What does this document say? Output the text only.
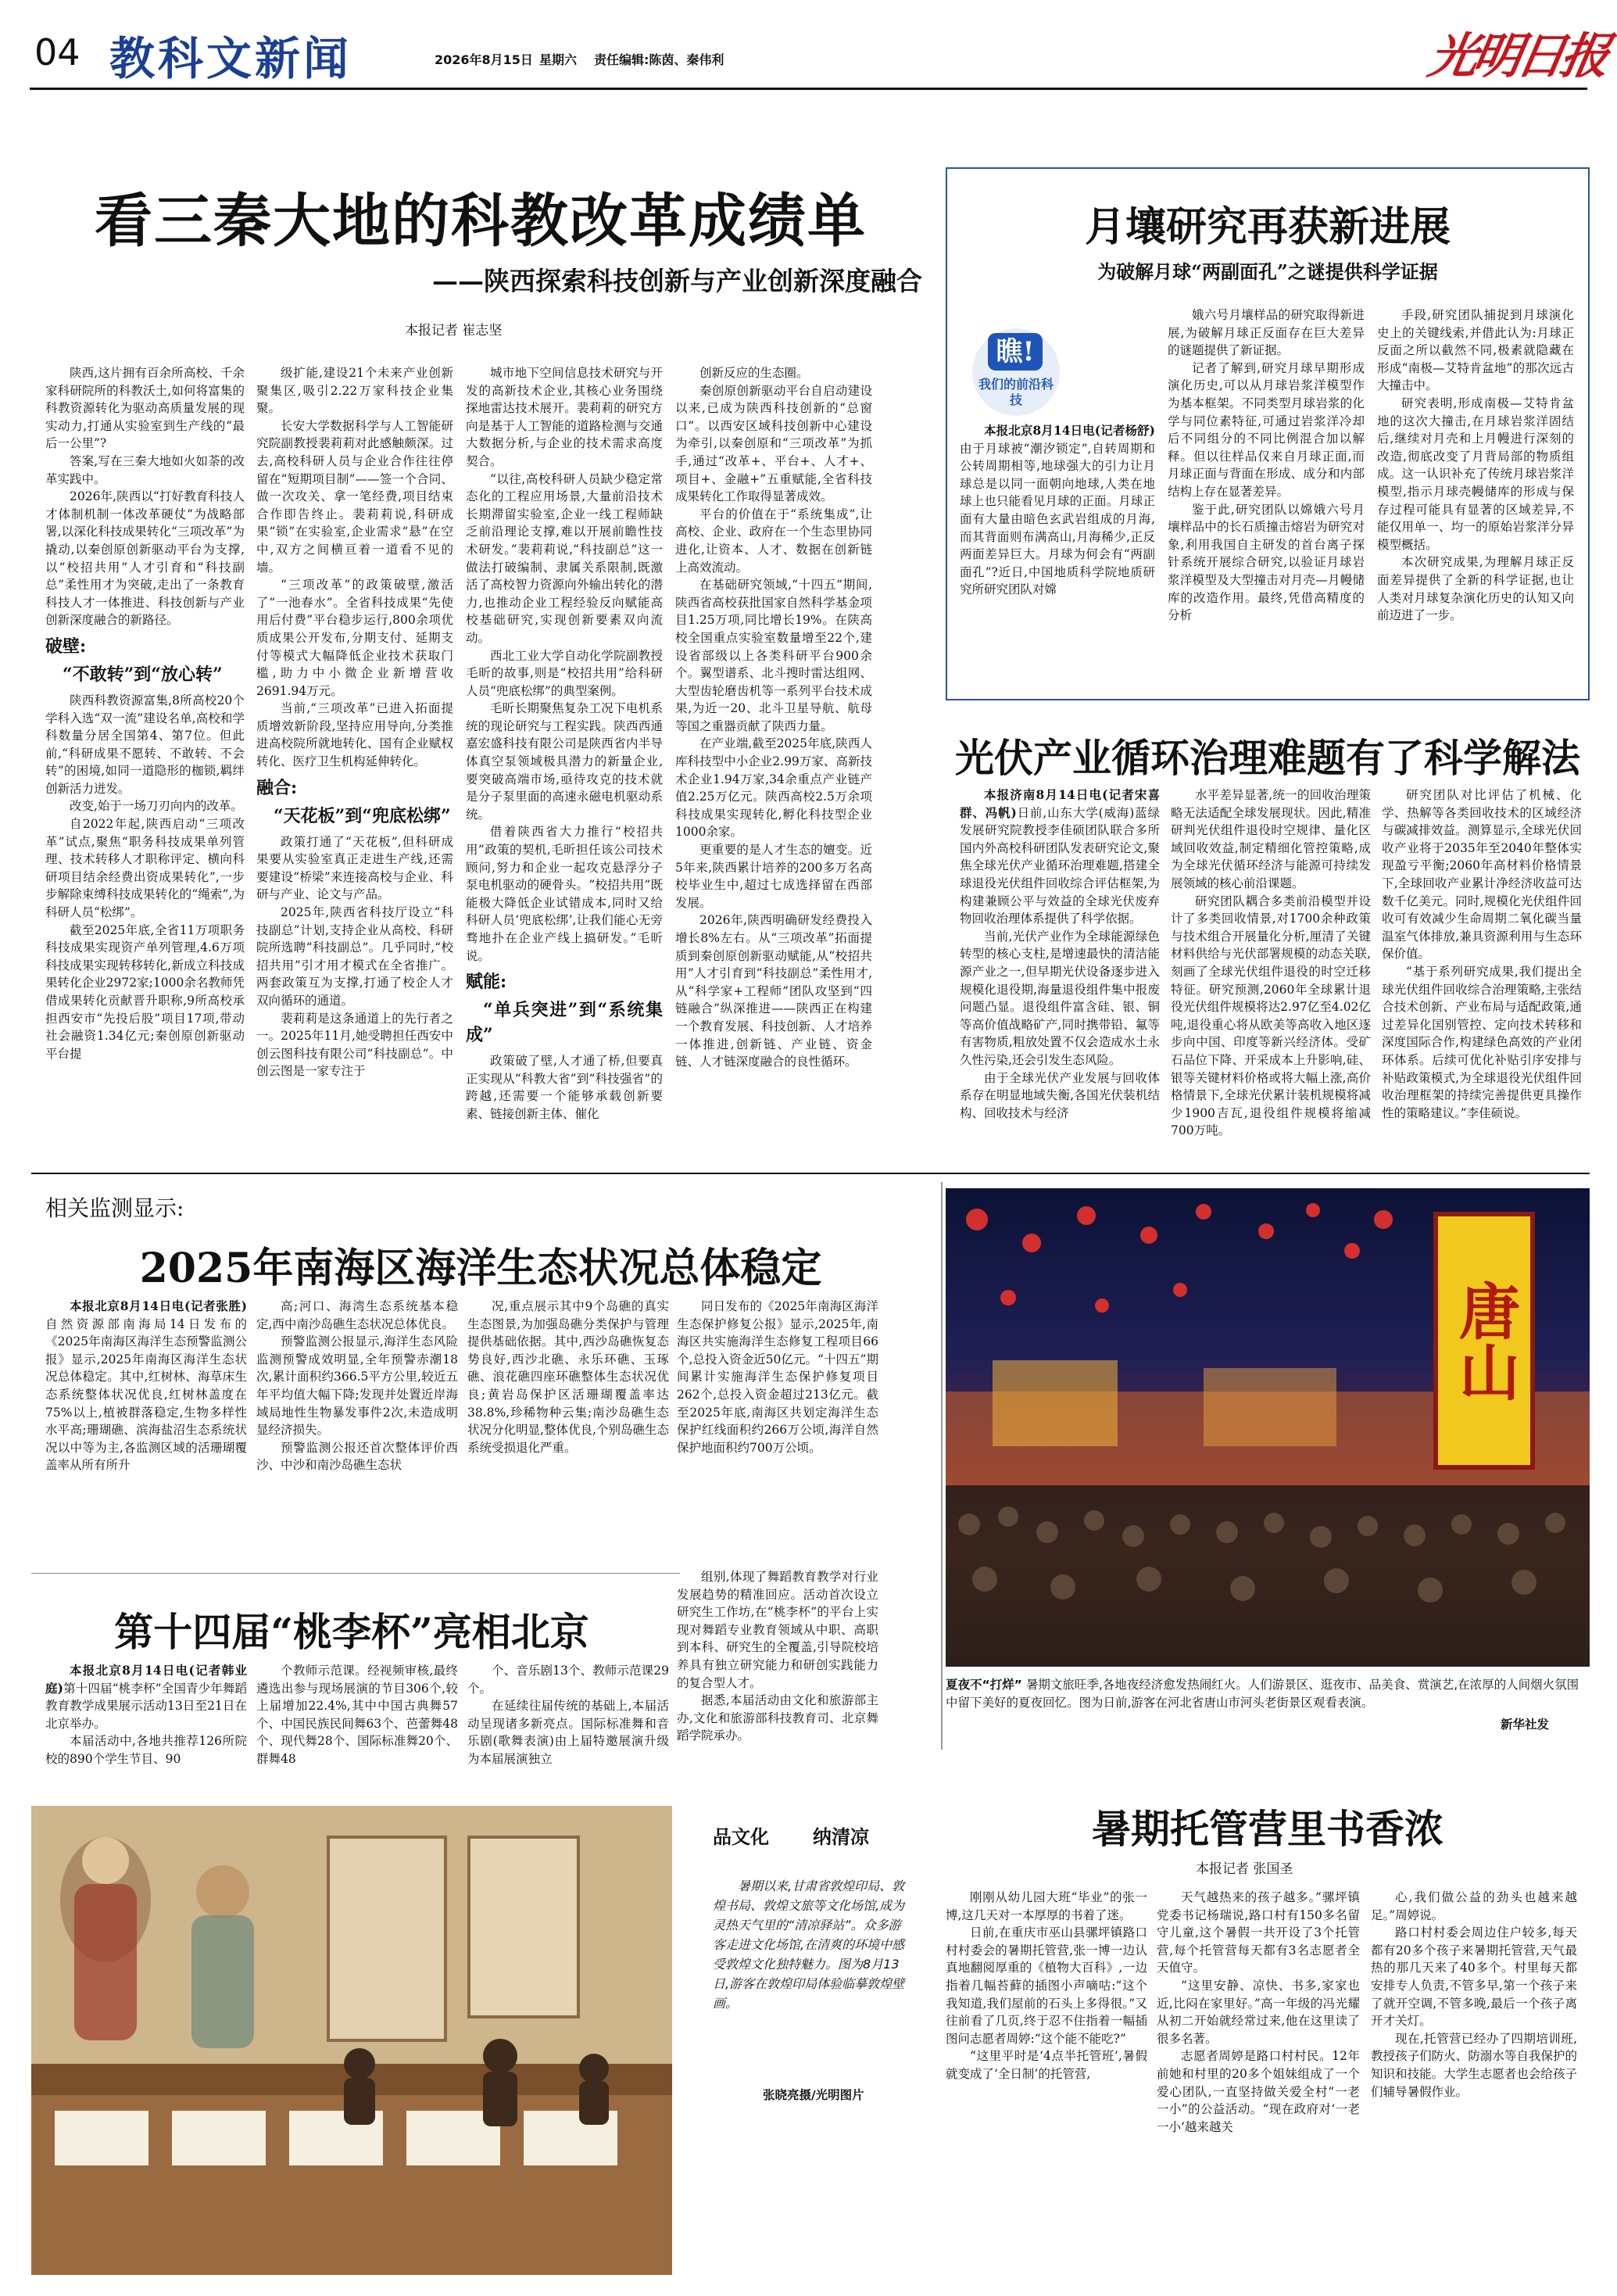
04 教科文新闻	2026年8月15日 星期六 责任编辑:陈茵、秦伟利	光明日报
看三秦大地的科教改革成绩单
——陕西探索科技创新与产业创新深度融合
本报记者 崔志坚

陕西,这片拥有百余所高校、千余家科研院所的科教沃土,如何将富集的科教资源转化为驱动高质量发展的现实动力,打通从实验室到生产线的“最后一公里”?

答案,写在三秦大地如火如荼的改革实践中。

2026年,陕西以“打好教育科技人才体制机制一体改革硬仗”为战略部署,以深化科技成果转化“三项改革”为撬动,以秦创原创新驱动平台为支撑,以“校招共用”人才引育和“科技副总”柔性用才为突破,走出了一条教育科技人才一体推进、科技创新与产业创新深度融合的新路径。

破壁:

“不敢转”到“放心转”

陕西科教资源富集,8所高校20个学科入选“双一流”建设名单,高校和学科数量分居全国第4、第7位。但此前,“科研成果不愿转、不敢转、不会转”的困境,如同一道隐形的枷锁,羁绊创新活力迸发。

改变,始于一场刀刃向内的改革。

自2022年起,陕西启动“三项改革”试点,聚焦“职务科技成果单列管理、技术转移人才职称评定、横向科研项目结余经费出资成果转化”,一步步解除束缚科技成果转化的“绳索”,为科研人员“松绑”。

截至2025年底,全省11万项职务科技成果实现资产单列管理,4.6万项科技成果实现转移转化,新成立科技成果转化企业2972家;1000余名教师凭借成果转化贡献晋升职称,9所高校承担西安市“先投后股”项目17项,带动社会融资1.34亿元;秦创原创新驱动平台提

级扩能,建设21个未来产业创新聚集区,吸引2.22万家科技企业集聚。

长安大学数据科学与人工智能研究院副教授裴莉莉对此感触颇深。过去,高校科研人员与企业合作往往停留在“短期项目制”——签一个合同、做一次攻关、拿一笔经费,项目结束合作即告终止。裴莉莉说,科研成果“锁”在实验室,企业需求“悬”在空中,双方之间横亘着一道看不见的墙。

“三项改革”的政策破壁,激活了“一池春水”。全省科技成果“先使用后付费”平台稳步运行,800余项优质成果公开发布,分期支付、延期支付等模式大幅降低企业技术获取门槛,助力中小微企业新增营收2691.94万元。

当前,“三项改革”已进入拓面提质增效新阶段,坚持应用导向,分类推进高校院所就地转化、国有企业赋权转化、医疗卫生机构延伸转化。

融合:

“天花板”到“兜底松绑”

政策打通了“天花板”,但科研成果要从实验室真正走进生产线,还需要建设“桥梁”来连接高校与企业、科研与产业、论文与产品。

2025年,陕西省科技厅设立“科技副总”计划,支持企业从高校、科研院所选聘“科技副总”。几乎同时,“校招共用”引才用才模式在全省推广。两套政策互为支撑,打通了校企人才双向循环的通道。

裴莉莉是这条通道上的先行者之一。2025年11月,她受聘担任西安中创云图科技有限公司“科技副总”。中创云图是一家专注于

城市地下空间信息技术研究与开发的高新技术企业,其核心业务围绕探地雷达技术展开。裴莉莉的研究方向是基于人工智能的道路检测与交通大数据分析,与企业的技术需求高度契合。

“以往,高校科研人员缺少稳定常态化的工程应用场景,大量前沿技术长期滞留实验室,企业一线工程师缺乏前沿理论支撑,难以开展前瞻性技术研发。”裴莉莉说,“科技副总”这一做法打破编制、隶属关系限制,既激活了高校智力资源向外输出转化的潜力,也推动企业工程经验反向赋能高校基础研究,实现创新要素双向流动。

西北工业大学自动化学院副教授毛昕的故事,则是“校招共用”给科研人员“兜底松绑”的典型案例。

毛昕长期聚焦复杂工况下电机系统的现论研究与工程实践。陕西西通嘉宏盛科技有限公司是陕西省内半导体真空泵领域极具潜力的新量企业,要突破高端市场,亟待攻克的技术就是分子泵里面的高速永磁电机驱动系统。

借着陕西省大力推行“校招共用”政策的契机,毛昕担任该公司技术顾问,努力和企业一起攻克悬浮分子泵电机驱动的硬骨头。“校招共用”既能极大降低企业试错成本,同时又给科研人员‘兜底松绑’,让我们能心无旁骛地扑在企业产线上搞研发。”毛昕说。

赋能:

“单兵突进”到“系统集成”

政策破了壁,人才通了桥,但要真正实现从“科教大省”到“科技强省”的跨越,还需要一个能够承载创新要素、链接创新主体、催化

创新反应的生态圈。

秦创原创新驱动平台自启动建设以来,已成为陕西科技创新的“总窗口”。以西安区域科技创新中心建设为牵引,以秦创原和“三项改革”为抓手,通过“改革+、平台+、人才+、项目+、金融+”五重赋能,全省科技成果转化工作取得显著成效。

平台的价值在于“系统集成”,让高校、企业、政府在一个生态里协同进化,让资本、人才、数据在创新链上高效流动。

在基础研究领域,“十四五”期间,陕西省高校获批国家自然科学基金项目1.25万项,同比增长19%。在陕高校全国重点实验室数量增至22个,建设省部级以上各类科研平台900余个。翼型谱系、北斗搜时雷达组网、大型齿轮磨齿机等一系列平台技术成果,为近一20、北斗卫星导航、航母等国之重器贡献了陕西力量。

在产业端,截至2025年底,陕西人库科技型中小企业2.99万家、高新技术企业1.94万家,34余重点产业链产值2.25万亿元。陕西高校2.5万余项科技成果实现转化,孵化科技型企业1000余家。

更重要的是人才生态的嬗变。近5年来,陕西累计培养的200多万名高校毕业生中,超过七成选择留在西部发展。

2026年,陕西明确研发经费投入增长8%左右。从“三项改革”拓面提质到秦创原创新驱动赋能,从“校招共用”人才引育到“科技副总”柔性用才,从“科学家+工程师”团队攻坚到“四链融合”纵深推进——陕西正在构建一个教育发展、科技创新、人才培养一体推进,创新链、产业链、资金链、人才链深度融合的良性循环。

月壤研究再获新进展
为破解月球“两副面孔”之谜提供科学证据
瞧!
我们的前沿科技

本报北京8月14日电(记者杨舒)由于月球被“潮汐锁定”,自转周期和公转周期相等,地球强大的引力让月球总是以同一面朝向地球,人类在地球上也只能看见月球的正面。月球正面有大量由暗色玄武岩组成的月海,而其背面则布满高山,月海稀少,正反两面差异巨大。月球为何会有“两副面孔”?近日,中国地质科学院地质研究所研究团队对嫦

娥六号月壤样品的研究取得新进展,为破解月球正反面存在巨大差异的谜题提供了新证据。

记者了解到,研究月球早期形成演化历史,可以从月球岩浆洋模型作为基本框架。不同类型月球岩浆的化学与同位素特征,可通过岩浆洋冷却后不同组分的不同比例混合加以解释。但以往样品仅来自月球正面,而月球正面与背面在形成、成分和内部结构上存在显著差异。

鉴于此,研究团队以嫦娥六号月壤样品中的长石质撞击熔岩为研究对象,利用我国自主研发的首台离子探针系统开展综合研究,以验证月球岩浆洋模型及大型撞击对月壳—月幔储库的改造作用。最终,凭借高精度的分析

手段,研究团队捕捉到月球演化史上的关键线索,并借此认为:月球正反面之所以截然不同,极素就隐藏在形成“南极—艾特肯盆地”的那次远古大撞击中。

研究表明,形成南极—艾特肯盆地的这次大撞击,在月球岩浆洋固结后,继续对月壳和上月幔进行深刻的改造,彻底改变了月背局部的物质组成。这一认识补充了传统月球岩浆洋模型,指示月球壳幔储库的形成与保存过程可能具有显著的区域差异,不能仅用单一、均一的原始岩浆洋分异模型概括。

本次研究成果,为理解月球正反面差异提供了全新的科学证据,也让人类对月球复杂演化历史的认知又向前迈进了一步。

光伏产业循环治理难题有了科学解法

本报济南8月14日电(记者宋喜群、冯帆)日前,山东大学(威海)蓝绿发展研究院教授李佳硕团队联合多所国内外高校科研团队发表研究论文,聚焦全球光伏产业循环治理难题,搭建全球退役光伏组件回收综合评估框架,为构建兼顾公平与效益的全球光伏废弃物回收治理体系提供了科学依据。

当前,光伏产业作为全球能源绿色转型的核心支柱,是增速最快的清洁能源产业之一,但早期光伏设备逐步进入规模化退役期,海量退役组件集中报废问题凸显。退役组件富含硅、银、铜等高价值战略矿产,同时携带铅、氟等有害物质,粗放处置不仅会造成水土永久性污染,还会引发生态风险。

由于全球光伏产业发展与回收体系存在明显地域失衡,各国光伏装机结构、回收技术与经济

水平差异显著,统一的回收治理策略无法适配全球发展现状。因此,精准研判光伏组件退役时空规律、量化区域回收效益,制定精细化管控策略,成为全球光伏循环经济与能源可持续发展领域的核心前沿课题。

研究团队耦合多类前沿模型并设计了多类回收情景,对1700余种政策与技术组合开展量化分析,厘清了关键材料供给与光伏部署规模的动态关联,刻画了全球光伏组件退役的时空迁移特征。研究预测,2060年全球累计退役光伏组件规模将达2.97亿至4.02亿吨,退役重心将从欧美等高收入地区逐步向中国、印度等新兴经济体。受矿石品位下降、开采成本上升影响,硅、银等关键材料价格或将大幅上涨,高价格情景下,全球光伏累计装机规模将减少1900吉瓦,退役组件规模将缩减700万吨。

研究团队对比评估了机械、化学、热解等各类回收技术的区域经济与碳减排效益。测算显示,全球光伏回收产业将于2035年至2040年整体实现盈亏平衡;2060年高材料价格情景下,全球回收产业累计净经济收益可达数千亿美元。同时,规模化光伏组件回收可有效减少生命周期二氧化碳当量温室气体排放,兼具资源利用与生态环保价值。

“基于系列研究成果,我们提出全球光伏组件回收综合治理策略,主张结合技术创新、产业布局与适配政策,通过差异化国别管控、定向技术转移和深度国际合作,构建绿色高效的产业闭环体系。后续可优化补贴引序安排与补贴政策模式,为全球退役光伏组件回收治理框架的持续完善提供更具操作性的策略建议。”李佳硕说。

相关监测显示:
2025年南海区海洋生态状况总体稳定

本报北京8月14日电(记者张胜)自然资源部南海局14日发布的《2025年南海区海洋生态预警监测公报》显示,2025年南海区海洋生态状况总体稳定。其中,红树林、海草床生态系统整体状况优良,红树林盖度在75%以上,植被群落稳定,生物多样性水平高;珊瑚礁、滨海盐沼生态系统状况以中等为主,各监测区域的活珊瑚覆盖率从所有所升

高;河口、海湾生态系统基本稳定,西中南沙岛礁生态状况总体优良。

预警监测公报显示,海洋生态风险监测预警成效明显,全年预警赤潮18次,累计面积约366.5平方公里,较近五年平均值大幅下降;发现并处置近岸海域局地性生物暴发事件2次,未造成明显经济损失。

预警监测公报还首次整体评价西沙、中沙和南沙岛礁生态状

况,重点展示其中9个岛礁的真实生态图景,为加强岛礁分类保护与管理提供基础依据。其中,西沙岛礁恢复态势良好,西沙北礁、永乐环礁、玉琢礁、浪花礁四座环礁整体生态状况优良;黄岩岛保护区活珊瑚覆盖率达38.8%,珍稀物种云集;南沙岛礁生态状况分化明显,整体优良,个别岛礁生态系统受损退化严重。

同日发布的《2025年南海区海洋生态保护修复公报》显示,2025年,南海区共实施海洋生态修复工程项目66个,总投入资金近50亿元。“十四五”期间累计实施海洋生态保护修复项目262个,总投入资金超过213亿元。截至2025年底,南海区共划定海洋生态保护红线面积约266万公顷,海洋自然保护地面积约700万公顷。

第十四届“桃李杯”亮相北京

本报北京8月14日电(记者韩业庭)第十四届“桃李杯”全国青少年舞蹈教育教学成果展示活动13日至21日在北京举办。

本届活动中,各地共推荐126所院校的890个学生节目、90

个教师示范课。经视频审核,最终遴选出参与现场展演的节目306个,较上届增加22.4%,其中中国古典舞57个、中国民族民间舞63个、芭蕾舞48个、现代舞28个、国际标准舞20个、群舞48

个、音乐剧13个、教师示范课29个。

在延续往届传统的基础上,本届活动呈现诸多新亮点。国际标准舞和音乐剧(歌舞表演)由上届特邀展演升级为本届展演独立

组别,体现了舞蹈教育教学对行业发展趋势的精准回应。活动首次设立研究生工作坊,在“桃李杯”的平台上实现对舞蹈专业教育领域从中职、高职到本科、研究生的全覆盖,引导院校培养具有独立研究能力和研创实践能力的复合型人才。

据悉,本届活动由文化和旅游部主办,文化和旅游部科技教育司、北京舞蹈学院承办。

唐山
夏夜不“打烊” 暑期文旅旺季,各地夜经济愈发热闹红火。人们游景区、逛夜市、品美食、赏演艺,在浓厚的人间烟火氛围中留下美好的夏夜回忆。图为日前,游客在河北省唐山市河头老街景区观看表演。
新华社发
品文化 纳清凉
暑期以来,甘肃省敦煌印局、敦煌书局、敦煌文旅等文化场馆,成为灵热天气里的“清凉驿站”。众多游客走进文化场馆,在清爽的环境中感受敦煌文化独特魅力。图为8月13日,游客在敦煌印局体验临摹敦煌壁画。
张晓亮摄/光明图片
暑期托管营里书香浓
本报记者 张国圣

刚刚从幼儿园大班“毕业”的张一博,这几天对一本厚厚的书着了迷。

日前,在重庆市巫山县骡坪镇路口村村委会的暑期托管营,张一博一边认真地翻阅厚重的《植物大百科》,一边指着几幅苔藓的插图小声嘀咕:“这个我知道,我们屋前的石头上多得很。”又往前看了几页,终于忍不住指着一幅插图问志愿者周婷:“这个能不能吃?”

“这里平时是‘4点半托管班’,暑假就变成了‘全日制’的托管营,

天气越热来的孩子越多。”骡坪镇党委书记杨瑞说,路口村有150多名留守儿童,这个暑假一共开设了3个托管营,每个托管营每天都有3名志愿者全天值守。

“这里安静、凉快、书多,家家也近,比闷在家里好。”高一年级的冯光耀从初二开始就经常过来,他在这里读了很多名著。

志愿者周婷是路口村村民。12年前她和村里的20多个姐妹组成了一个爱心团队,一直坚持做关爱全村“一老一小”的公益活动。“现在政府对‘一老一小’越来越关

心,我们做公益的劲头也越来越足。”周婷说。

路口村村委会周边住户较多,每天都有20多个孩子来暑期托管营,天气最热的那几天来了40多个。村里每天都安排专人负责,不管多早,第一个孩子来了就开空调,不管多晚,最后一个孩子离开才关灯。

现在,托管营已经办了四期培训班,教授孩子们防火、防溺水等自我保护的知识和技能。大学生志愿者也会给孩子们辅导暑假作业。
